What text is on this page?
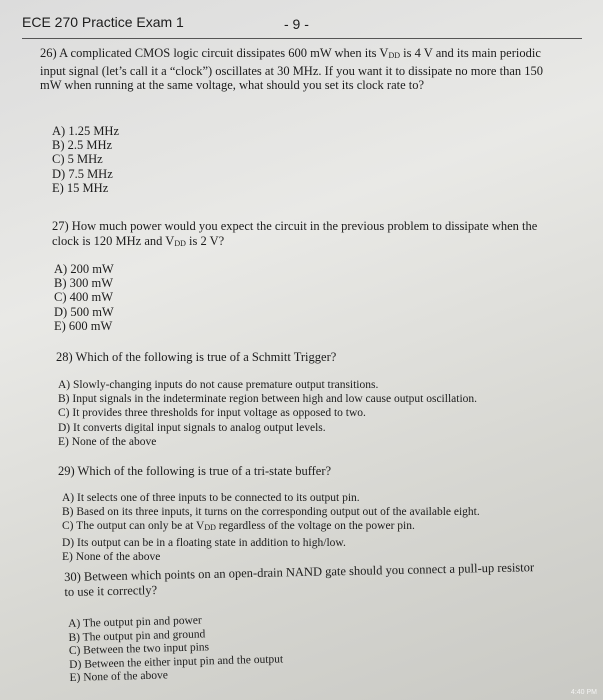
ECE 270 Practice Exam 1	- 9 -
26) A complicated CMOS logic circuit dissipates 600 mW when its $V_{DD}$ is 4 V and its main periodic input signal (let’s call it a “clock”) oscillates at 30 MHz. If you want it to dissipate no more than 150 mW when running at the same voltage, what should you set its clock rate to?
A) 1.25 MHz
B) 2.5 MHz
C) 5 MHz
D) 7.5 MHz
E) 15 MHz
27) How much power would you expect the circuit in the previous problem to dissipate when the clock is 120 MHz and $V_{DD}$ is 2 V?
A) 200 mW
B) 300 mW
C) 400 mW
D) 500 mW
E) 600 mW
28) Which of the following is true of a Schmitt Trigger?
A) Slowly-changing inputs do not cause premature output transitions.
B) Input signals in the indeterminate region between high and low cause output oscillation.
C) It provides three thresholds for input voltage as opposed to two.
D) It converts digital input signals to analog output levels.
E) None of the above
29) Which of the following is true of a tri-state buffer?
A) It selects one of three inputs to be connected to its output pin.
B) Based on its three inputs, it turns on the corresponding output out of the available eight.
C) The output can only be at $V_{DD}$ regardless of the voltage on the power pin.
D) Its output can be in a floating state in addition to high/low.
E) None of the above
30) Between which points on an open-drain NAND gate should you connect a pull-up resistor to use it correctly?
A) The output pin and power
B) The output pin and ground
C) Between the two input pins
D) Between the either input pin and the output
E) None of the above
4:40 PM
